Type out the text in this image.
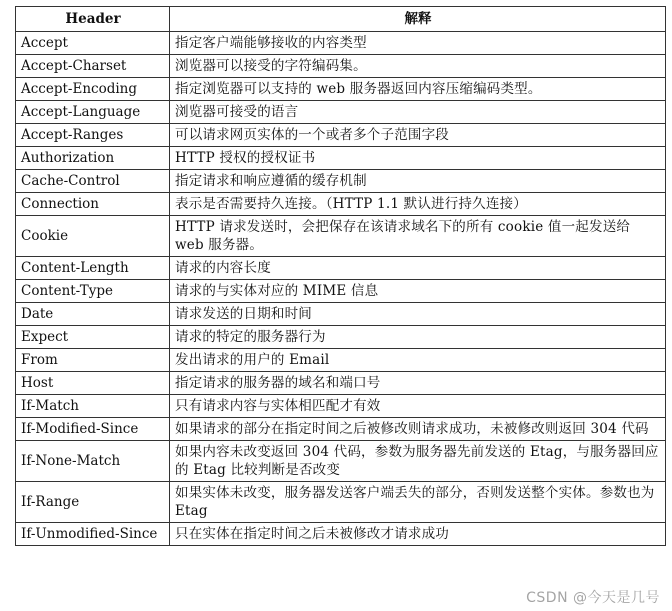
Header	解释
Accept	指定客户端能够接收的内容类型
Accept-Charset	浏览器可以接受的字符编码集。
Accept-Encoding	指定浏览器可以支持的 web 服务器返回内容压缩编码类型。
Accept-Language	浏览器可接受的语言
Accept-Ranges	可以请求网页实体的一个或者多个子范围字段
Authorization	HTTP 授权的授权证书
Cache-Control	指定请求和响应遵循的缓存机制
Connection	表示是否需要持久连接。（HTTP 1.1 默认进行持久连接）
Cookie	HTTP 请求发送时，会把保存在该请求域名下的所有 cookie 值一起发送给 web 服务器。
Content-Length	请求的内容长度
Content-Type	请求的与实体对应的 MIME 信息
Date	请求发送的日期和时间
Expect	请求的特定的服务器行为
From	发出请求的用户的 Email
Host	指定请求的服务器的域名和端口号
If-Match	只有请求内容与实体相匹配才有效
If-Modified-Since	如果请求的部分在指定时间之后被修改则请求成功，未被修改则返回 304 代码
If-None-Match	如果内容未改变返回 304 代码，参数为服务器先前发送的 Etag，与服务器回应的 Etag 比较判断是否改变
If-Range	如果实体未改变，服务器发送客户端丢失的部分，否则发送整个实体。参数也为 Etag
If-Unmodified-Since	只在实体在指定时间之后未被修改才请求成功
CSDN @今天是几号
